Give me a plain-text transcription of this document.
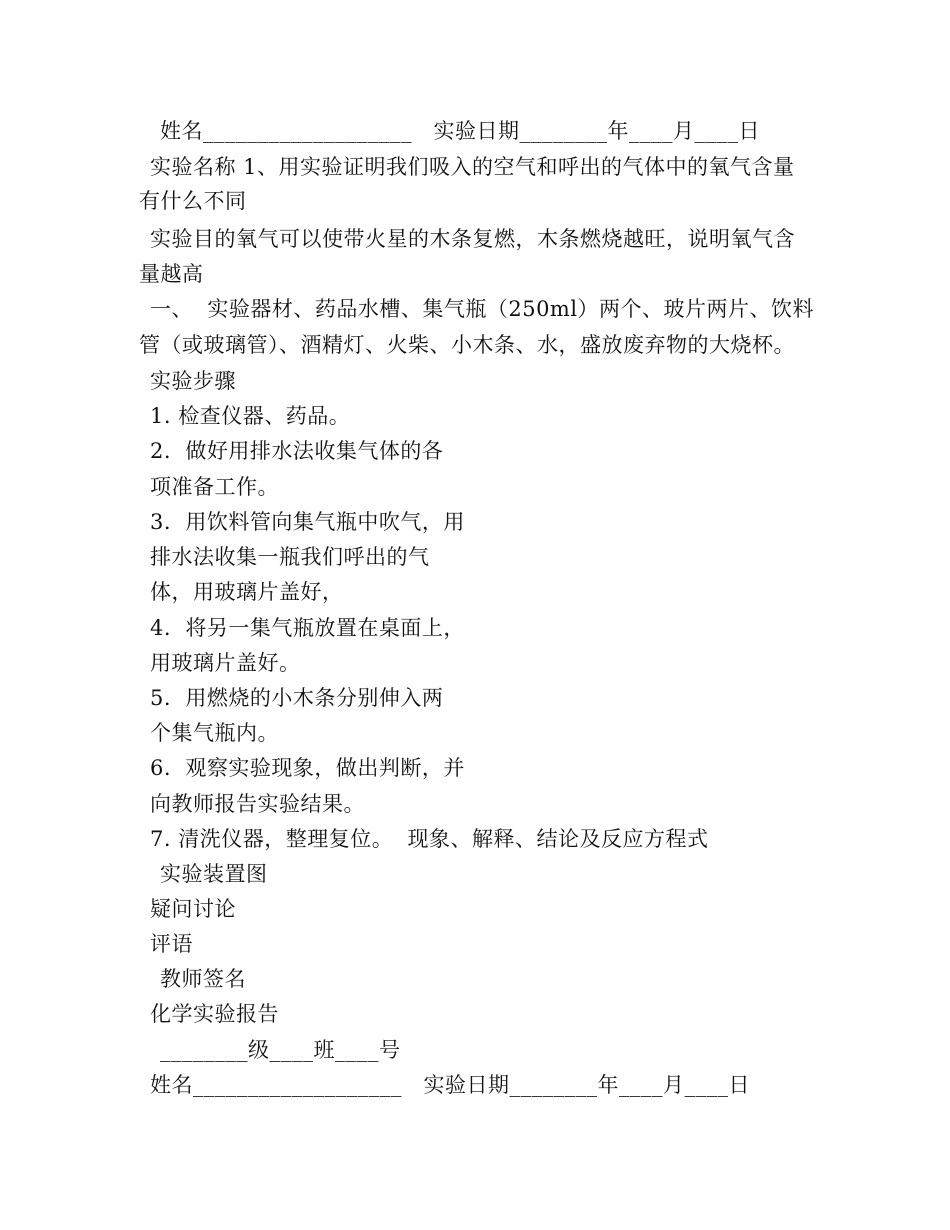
姓名___________________   实验日期________年____月____日
实验名称 1、用实验证明我们吸入的空气和呼出的气体中的氧气含量
有什么不同
实验目的氧气可以使带火星的木条复燃，木条燃烧越旺，说明氧气含
量越高
一、  实验器材、药品水槽、集气瓶（250ml）两个、玻片两片、饮料
管（或玻璃管）、酒精灯、火柴、小木条、水，盛放废弃物的大烧杯。
实验步骤
1. 检查仪器、药品。
2.  做好用排水法收集气体的各
项准备工作。
3.  用饮料管向集气瓶中吹气，用
排水法收集一瓶我们呼出的气
体，用玻璃片盖好，
4.  将另一集气瓶放置在桌面上，
用玻璃片盖好。
5.  用燃烧的小木条分别伸入两
个集气瓶内。
6.  观察实验现象，做出判断，并
向教师报告实验结果。
7. 清洗仪器，整理复位。  现象、解释、结论及反应方程式
实验装置图
疑问讨论
评语
教师签名
化学实验报告
________级____班____号
姓名___________________   实验日期________年____月____日
